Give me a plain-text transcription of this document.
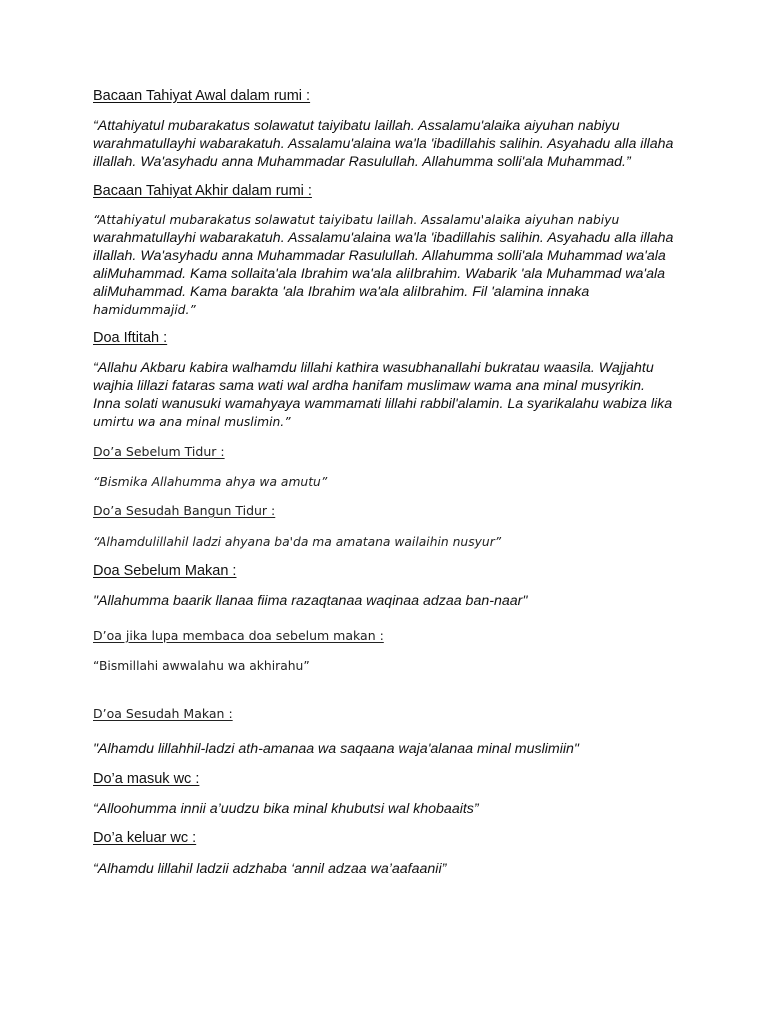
Bacaan Tahiyat Awal dalam rumi :
“Attahiyatul mubarakatus solawatut taiyibatu laillah. Assalamu'alaika aiyuhan nabiyu
warahmatullayhi wabarakatuh. Assalamu'alaina wa'la 'ibadillahis salihin. Asyahadu alla illaha
illallah. Wa'asyhadu anna Muhammadar Rasulullah. Allahumma solli'ala Muhammad.”
Bacaan Tahiyat Akhir dalam rumi :
“Attahiyatul mubarakatus solawatut taiyibatu laillah. Assalamu'alaika aiyuhan nabiyu
warahmatullayhi wabarakatuh. Assalamu'alaina wa'la 'ibadillahis salihin. Asyahadu alla illaha
illallah. Wa'asyhadu anna Muhammadar Rasulullah. Allahumma solli'ala Muhammad wa'ala
aliMuhammad. Kama sollaita'ala Ibrahim wa'ala aliIbrahim. Wabarik 'ala Muhammad wa'ala
aliMuhammad. Kama barakta 'ala Ibrahim wa'ala aliIbrahim. Fil 'alamina innaka
hamidummajid.”
Doa Iftitah :
“Allahu Akbaru kabira walhamdu lillahi kathira wasubhanallahi bukratau waasila. Wajjahtu
wajhia lillazi fataras sama wati wal ardha hanifam muslimaw wama ana minal musyrikin.
Inna solati wanusuki wamahyaya wammamati lillahi rabbil'alamin. La syarikalahu wabiza lika
umirtu wa ana minal muslimin.”
Do’a Sebelum Tidur :
“Bismika Allahumma ahya wa amutu”
Do’a Sesudah Bangun Tidur :
“Alhamdulillahil ladzi ahyana ba'da ma amatana wailaihin nusyur”
Doa Sebelum Makan :
"Allahumma baarik llanaa fiima razaqtanaa waqinaa adzaa ban-naar"
D’oa jika lupa membaca doa sebelum makan :
“Bismillahi awwalahu wa akhirahu”
D’oa Sesudah Makan :
"Alhamdu lillahhil-ladzi ath-amanaa wa saqaana waja'alanaa minal muslimiin"
Do’a masuk wc :
“Alloohumma innii a’uudzu bika minal khubutsi wal khobaaits”
Do’a keluar wc :
“Alhamdu lillahil ladzii adzhaba ‘annil adzaa wa’aafaanii”
